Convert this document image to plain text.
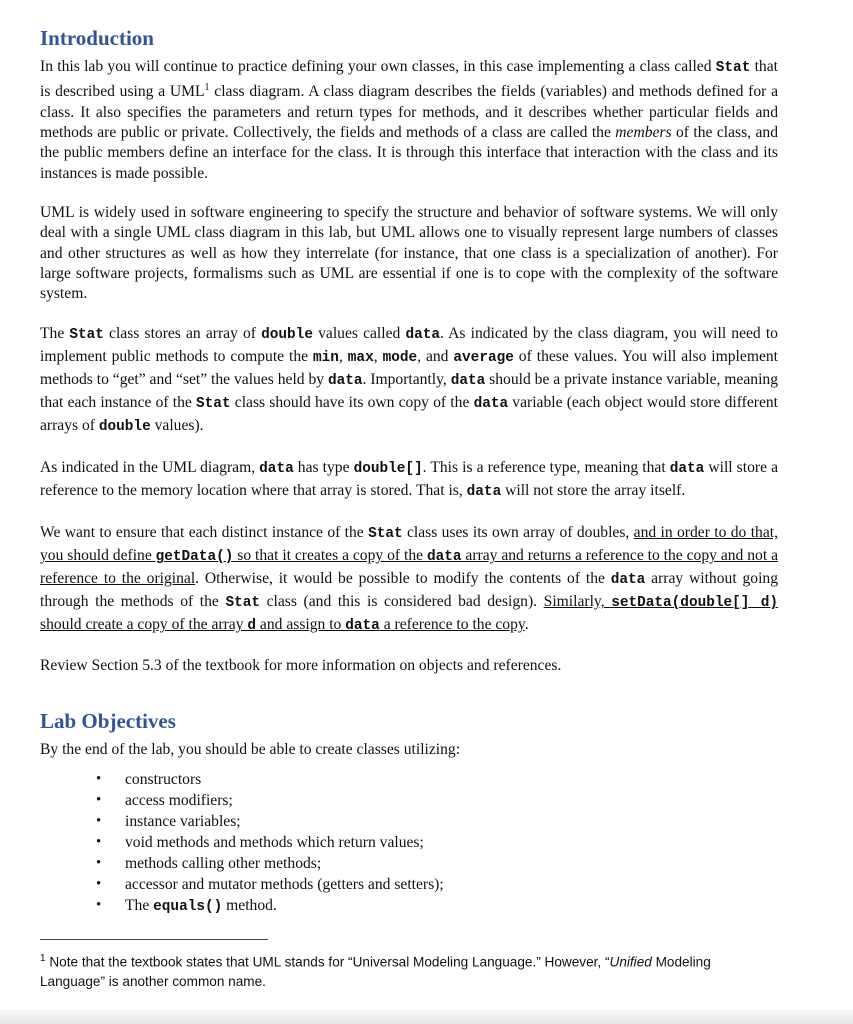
Introduction

In this lab you will continue to practice defining your own classes, in this case implementing a class called Stat that is described using a UML$^1$ class diagram. A class diagram describes the fields (variables) and methods defined for a class. It also specifies the parameters and return types for methods, and it describes whether particular fields and methods are public or private. Collectively, the fields and methods of a class are called the members of the class, and the public members define an interface for the class. It is through this interface that interaction with the class and its instances is made possible.

UML is widely used in software engineering to specify the structure and behavior of software systems. We will only deal with a single UML class diagram in this lab, but UML allows one to visually represent large numbers of classes and other structures as well as how they interrelate (for instance, that one class is a specialization of another). For large software projects, formalisms such as UML are essential if one is to cope with the complexity of the software system.

The Stat class stores an array of double values called data. As indicated by the class diagram, you will need to implement public methods to compute the min, max, mode, and average of these values. You will also implement methods to “get” and “set” the values held by data. Importantly, data should be a private instance variable, meaning that each instance of the Stat class should have its own copy of the data variable (each object would store different arrays of double values).

As indicated in the UML diagram, data has type double[]. This is a reference type, meaning that data will store a reference to the memory location where that array is stored. That is, data will not store the array itself.

We want to ensure that each distinct instance of the Stat class uses its own array of doubles, and in order to do that, you should define getData() so that it creates a copy of the data array and returns a reference to the copy and not a reference to the original. Otherwise, it would be possible to modify the contents of the data array without going through the methods of the Stat class (and this is considered bad design). Similarly, setData(double[] d) should create a copy of the array d and assign to data a reference to the copy.

Review Section 5.3 of the textbook for more information on objects and references.

Lab Objectives

By the end of the lab, you should be able to create classes utilizing:

• constructors
• access modifiers;
• instance variables;
• void methods and methods which return values;
• methods calling other methods;
• accessor and mutator methods (getters and setters);
• The equals() method.

$^1$ Note that the textbook states that UML stands for “Universal Modeling Language.” However, “Unified Modeling Language” is another common name.
